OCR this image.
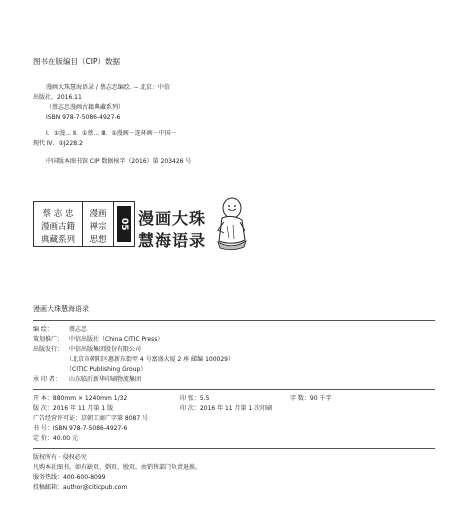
图书在版编目（CIP）数据
漫画大珠慧海语录 / 蔡志忠编绘. -- 北京：中信
出版社，2016.11
（蔡志忠漫画古籍典藏系列）
ISBN 978-7-5086-4927-6
Ⅰ．①漫… Ⅱ．①蔡… Ⅲ．①漫画－连环画－中国－
现代 Ⅳ．①J228.2
中国版本图书馆 CIP 数据核字（2016）第 203426 号
蔡 志 忠
漫画古籍
典藏系列
漫画
禅宗
思想
05 漫画大珠
慧海语录
漫画大珠慧海语录
编 绘：	蔡志忠
策划推广： 中信出版社（China CITIC Press）
出版发行： 中信出版集团股份有限公司
（北京市朝阳区惠新东街甲 4 号富盛大厦 2 座 邮编 100029）
（CITIC Publishing Group）
承 印 者： 山东临沂新华印刷物流集团
开 本：880mm × 1240mm 1/32	印 张：5.5	字 数：90 千字
版 次：2016 年 11 月第 1 版	印 次：2016 年 11 月第 1 次印刷
广告经营许可证：京朝工商广字第 8087 号
书 号：ISBN 978-7-5086-4927-6
定 价：40.00 元
版权所有 · 侵权必究
凡购本社图书，如有缺页、倒页、脱页，由销售部门负责退换。
服务热线：400-600-8099
投稿邮箱：author@citicpub.com
